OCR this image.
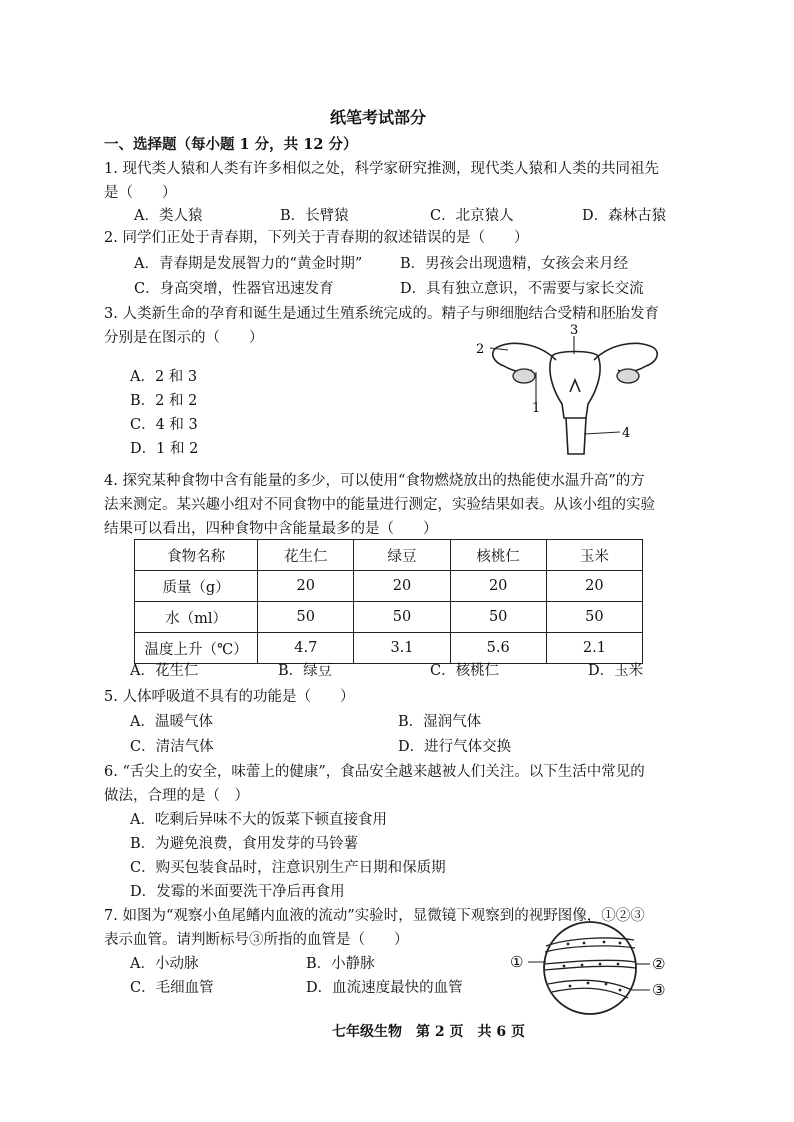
纸笔考试部分
一、选择题（每小题 1 分，共 12 分）
1. 现代类人猿和人类有许多相似之处，科学家研究推测，现代类人猿和人类的共同祖先
是（　　）
A．类人猿	B．长臂猿	C．北京猿人	D．森林古猿
2. 同学们正处于青春期，下列关于青春期的叙述错误的是（　　）
A．青春期是发展智力的“黄金时期”	B．男孩会出现遗精，女孩会来月经
C．身高突增，性器官迅速发育	D．具有独立意识，不需要与家长交流
3. 人类新生命的孕育和诞生是通过生殖系统完成的。精子与卵细胞结合受精和胚胎发育
分别是在图示的（　　）
A．2 和 3
B．2 和 2
C．4 和 3
D．1 和 2
1
2
3
4
4. 探究某种食物中含有能量的多少，可以使用“食物燃烧放出的热能使水温升高”的方
法来测定。某兴趣小组对不同食物中的能量进行测定，实验结果如表。从该小组的实验
结果可以看出，四种食物中含能量最多的是（　　）
食物名称	花生仁	绿豆	核桃仁	玉米
质量（g）	20	20	20	20
水（ml）	50	50	50	50
温度上升（℃）	4.7	3.1	5.6	2.1
A．花生仁	B．绿豆	C．核桃仁	D．玉米
5. 人体呼吸道不具有的功能是（　　）
A．温暖气体	B．湿润气体
C．清洁气体	D．进行气体交换
6. “舌尖上的安全，味蕾上的健康”，食品安全越来越被人们关注。以下生活中常见的
做法，合理的是（　）
A．吃剩后异味不大的饭菜下顿直接食用
B．为避免浪费，食用发芽的马铃薯
C．购买包装食品时，注意识别生产日期和保质期
D．发霉的米面要洗干净后再食用
7. 如图为“观察小鱼尾鳍内血液的流动”实验时，显微镜下观察到的视野图像，①②③
表示血管。请判断标号③所指的血管是（　　）
A．小动脉	B．小静脉
C．毛细血管	D．血流速度最快的血管
①	②
③
七年级生物　第 2 页　共 6 页
